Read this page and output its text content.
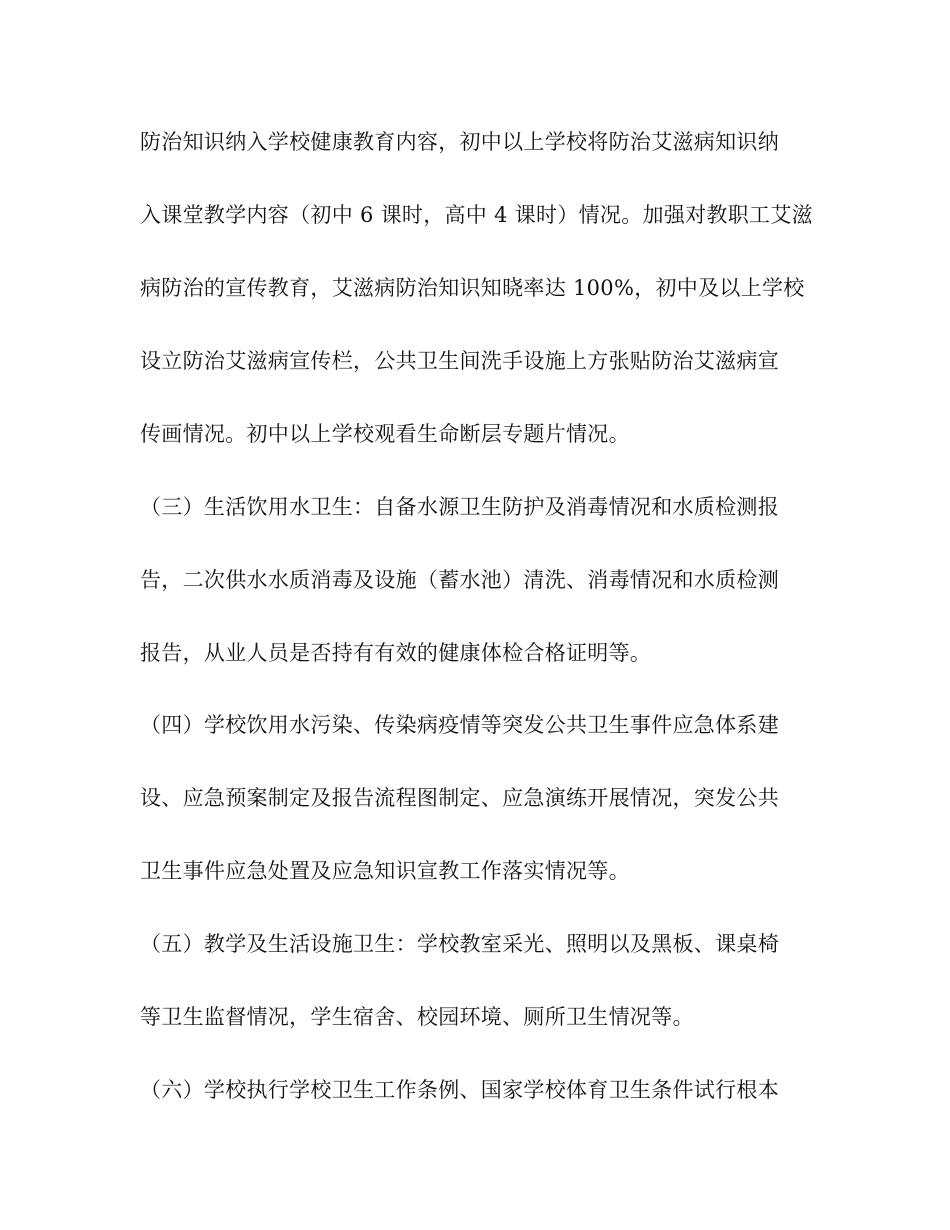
防治知识纳入学校健康教育内容，初中以上学校将防治艾滋病知识纳
入课堂教学内容（初中 6 课时，高中 4 课时）情况。加强对教职工艾滋
病防治的宣传教育，艾滋病防治知识知晓率达 100%，初中及以上学校
设立防治艾滋病宣传栏，公共卫生间洗手设施上方张贴防治艾滋病宣
传画情况。初中以上学校观看生命断层专题片情况。
（三）生活饮用水卫生：自备水源卫生防护及消毒情况和水质检测报
告，二次供水水质消毒及设施（蓄水池）清洗、消毒情况和水质检测
报告，从业人员是否持有有效的健康体检合格证明等。
（四）学校饮用水污染、传染病疫情等突发公共卫生事件应急体系建
设、应急预案制定及报告流程图制定、应急演练开展情况，突发公共
卫生事件应急处置及应急知识宣教工作落实情况等。
（五）教学及生活设施卫生：学校教室采光、照明以及黑板、课桌椅
等卫生监督情况，学生宿舍、校园环境、厕所卫生情况等。
（六）学校执行学校卫生工作条例、国家学校体育卫生条件试行根本
